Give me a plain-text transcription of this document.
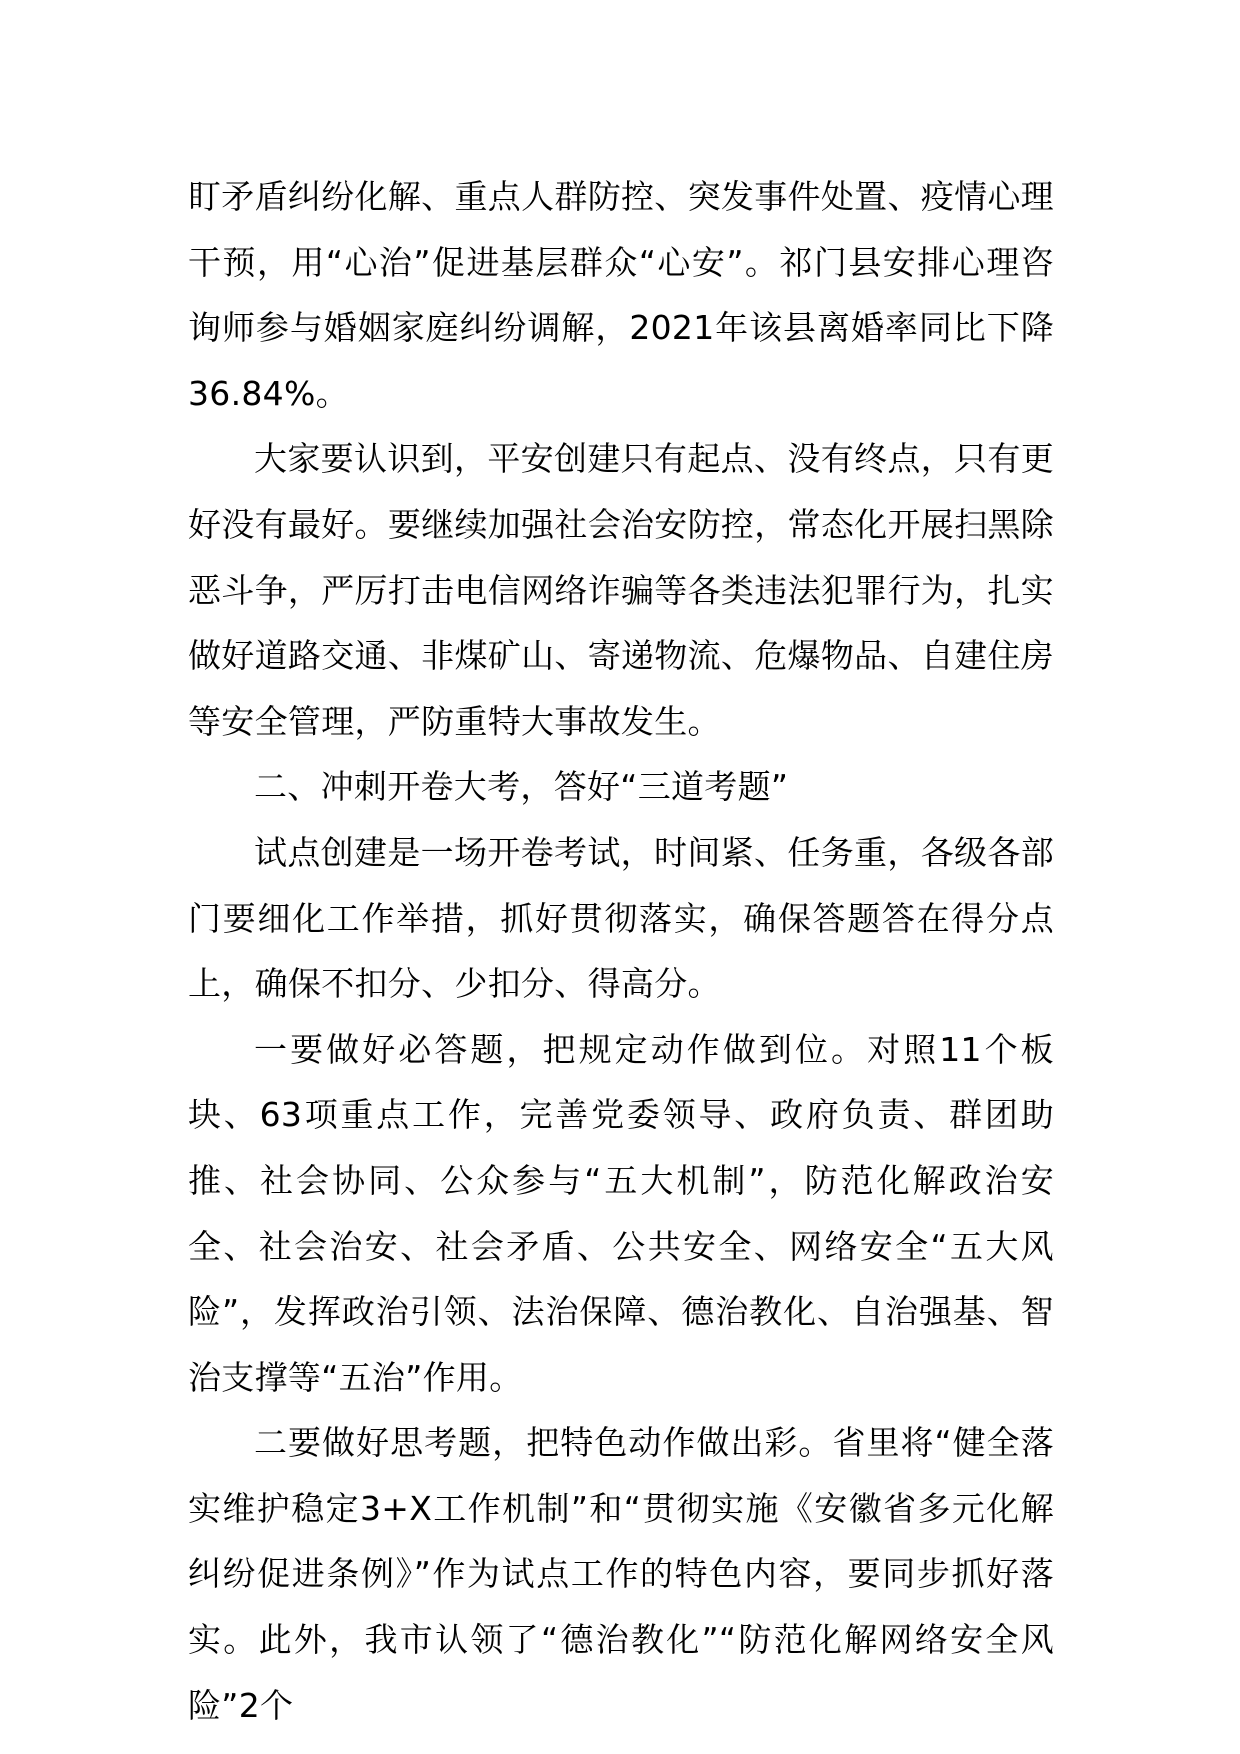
盯矛盾纠纷化解、重点人群防控、突发事件处置、疫情心理干预，用“心治”促进基层群众“心安”。祁门县安排心理咨询师参与婚姻家庭纠纷调解，2021年该县离婚率同比下降36.84%。

大家要认识到，平安创建只有起点、没有终点，只有更好没有最好。要继续加强社会治安防控，常态化开展扫黑除恶斗争，严厉打击电信网络诈骗等各类违法犯罪行为，扎实做好道路交通、非煤矿山、寄递物流、危爆物品、自建住房等安全管理，严防重特大事故发生。

二、冲刺开卷大考，答好“三道考题”

试点创建是一场开卷考试，时间紧、任务重，各级各部门要细化工作举措，抓好贯彻落实，确保答题答在得分点上，确保不扣分、少扣分、得高分。

一要做好必答题，把规定动作做到位。对照11个板块、63项重点工作，完善党委领导、政府负责、群团助推、社会协同、公众参与“五大机制”，防范化解政治安全、社会治安、社会矛盾、公共安全、网络安全“五大风险”，发挥政治引领、法治保障、德治教化、自治强基、智治支撑等“五治”作用。

二要做好思考题，把特色动作做出彩。省里将“健全落实维护稳定3+X工作机制”和“贯彻实施《安徽省多元化解纠纷促进条例》”作为试点工作的特色内容，要同步抓好落实。此外，我市认领了“德治教化”“防范化解网络安全风险”2个
